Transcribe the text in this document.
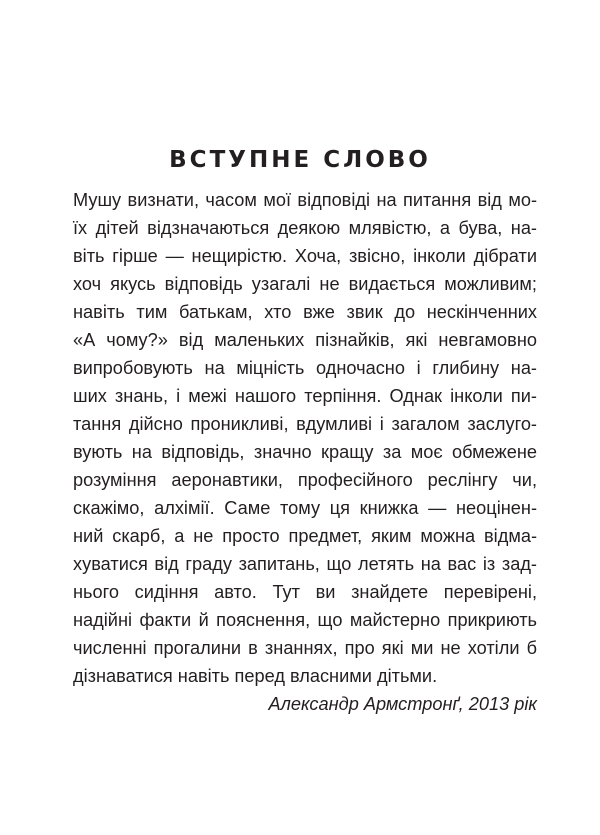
ВСТУПНЕ СЛОВО
Мушу визнати, часом мої відповіді на питання від мо-
їх дітей відзначаються деякою млявістю, а бува, на-
віть гірше — нещирістю. Хоча, звісно, інколи дібрати
хоч якусь відповідь узагалі не видається можливим;
навіть тим батькам, хто вже звик до нескінченних
«А чому?» від маленьких пізнайків, які невгамовно
випробовують на міцність одночасно і глибину на-
ших знань, і межі нашого терпіння. Однак інколи пи-
тання дійсно проникливі, вдумливі і загалом заслуго-
вують на відповідь, значно кращу за моє обмежене
розуміння аеронавтики, професійного реслінгу чи,
скажімо, алхімії. Саме тому ця книжка — неоцінен-
ний скарб, а не просто предмет, яким можна відма-
хуватися від граду запитань, що летять на вас із зад-
нього сидіння авто. Тут ви знайдете перевірені,
надійні факти й пояснення, що майстерно прикриють
численні прогалини в знаннях, про які ми не хотіли б
дізнаватися навіть перед власними дітьми.
Александр Армстронґ, 2013 рік
